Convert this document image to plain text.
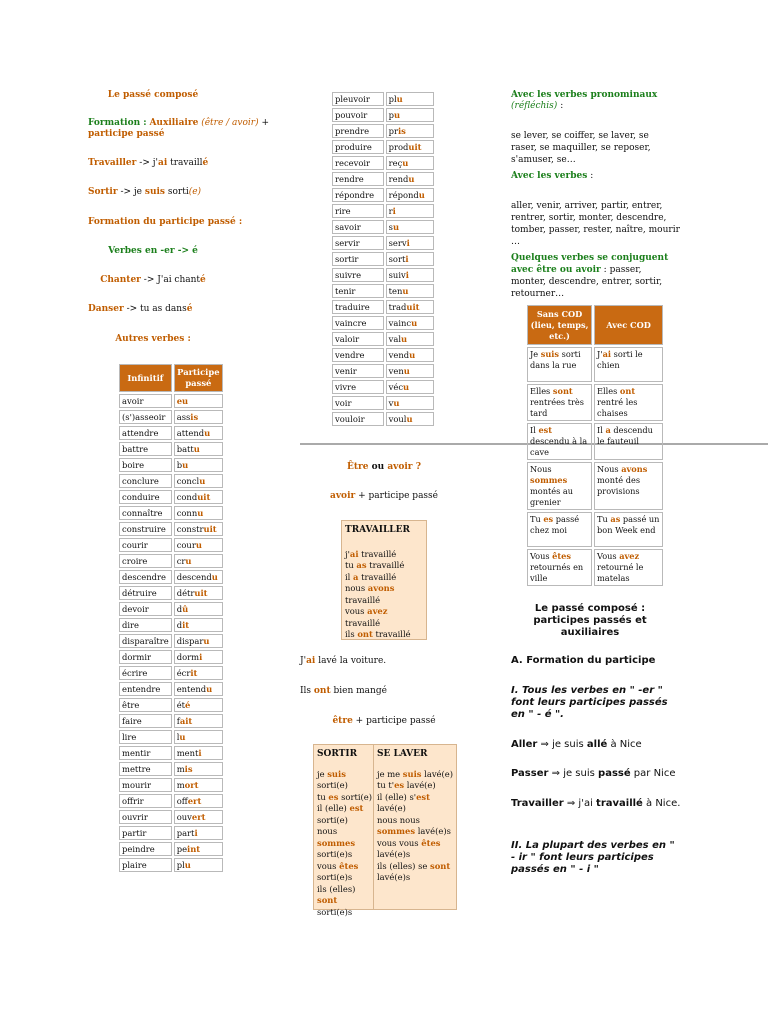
Le passé composé
Formation : Auxiliaire (être / avoir) +
participe passé
Travailler -> j'ai travaillé
Sortir -> je suis sorti(e)
Formation du participe passé :
Verbes en -er -> é
Chanter -> J'ai chanté
Danser -> tu as dansé
Autres verbes :
Infinitif	Participe passé
avoir	eu
(s')asseoir	assis
attendre	attendu
battre	battu
boire	bu
conclure	conclu
conduire	conduit
connaître	connu
construire	construit
courir	couru
croire	cru
descendre	descendu
détruire	détruit
devoir	dû
dire	dit
disparaître	disparu
dormir	dormi
écrire	écrit
entendre	entendu
être	été
faire	fait
lire	lu
mentir	menti
mettre	mis
mourir	mort
offrir	offert
ouvrir	ouvert
partir	parti
peindre	peint
plaire	plu
pleuvoir	plu
pouvoir	pu
prendre	pris
produire	produit
recevoir	reçu
rendre	rendu
répondre	répondu
rire	ri
savoir	su
servir	servi
sortir	sorti
suivre	suivi
tenir	tenu
traduire	traduit
vaincre	vaincu
valoir	valu
vendre	vendu
venir	venu
vivre	vécu
voir	vu
vouloir	voulu
Être ou avoir ?
avoir + participe passé
TRAVAILLER
j'ai travaillé
tu as travaillé
il a travaillé
nous avons
travaillé
vous avez travaillé
ils ont travaillé
J'ai lavé la voiture.
Ils ont bien mangé
être + participe passé
SORTIR
je suis
sorti(e)
tu es sorti(e)
il (elle) est
sorti(e)
nous sommes
sorti(e)s
vous êtes
sorti(e)s
ils (elles) sont
sorti(e)s
SE LAVER
je me suis lavé(e)
tu t'es lavé(e)
il (elle) s'est
lavé(e)
nous nous
sommes lavé(e)s
vous vous êtes
lavé(e)s
ils (elles) se sont
lavé(e)s
Avec les verbes pronominaux
(réfléchis) :
se lever, se coiffer, se laver, se raser, se maquiller, se reposer, s'amuser, se…
Avec les verbes :
aller, venir, arriver, partir, entrer, rentrer, sortir, monter, descendre, tomber, passer, rester, naître, mourir …
Quelques verbes se conjuguent avec être ou avoir : passer, monter, descendre, entrer, sortir, retourner…
Sans COD (lieu, temps, etc.)	Avec COD
Je suis sorti dans la rue	J'ai sorti le chien
Elles sont rentrées très tard	Elles ont rentré les chaises
Il est descendu à la cave	Il a descendu le fauteuil
Nous sommes montés au grenier	Nous avons monté des provisions
Tu es passé chez moi	Tu as passé un bon Week end
Vous êtes retournés en ville	Vous avez retourné le matelas
Le passé composé : participes passés et auxiliaires
A. Formation du participe
I. Tous les verbes en " -er " font leurs participes passés en " - é ".
Aller ⇒ je suis allé à Nice
Passer ⇒ je suis passé par Nice
Travailler ⇒ j'ai travaillé à Nice.
II. La plupart des verbes en " - ir " font leurs participes passés en " - i "
